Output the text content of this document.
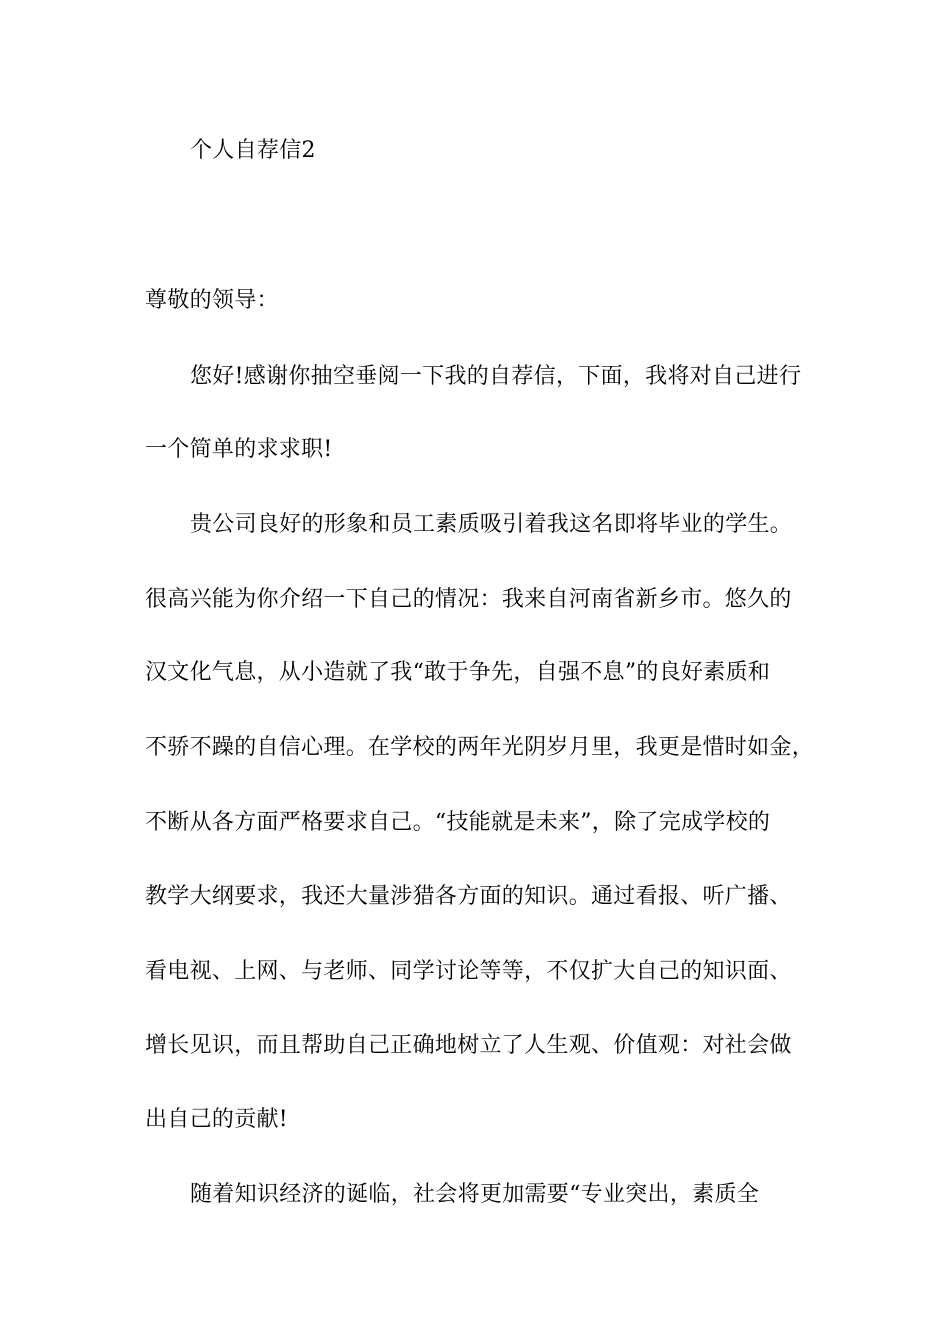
个人自荐信2
尊敬的领导：
您好!感谢你抽空垂阅一下我的自荐信，下面，我将对自己进行
一个简单的求求职!
贵公司良好的形象和员工素质吸引着我这名即将毕业的学生。
很高兴能为你介绍一下自己的情况：我来自河南省新乡市。悠久的
汉文化气息，从小造就了我“敢于争先，自强不息”的良好素质和
不骄不躁的自信心理。在学校的两年光阴岁月里，我更是惜时如金，
不断从各方面严格要求自己。“技能就是未来”，除了完成学校的
教学大纲要求，我还大量涉猎各方面的知识。通过看报、听广播、
看电视、上网、与老师、同学讨论等等，不仅扩大自己的知识面、
增长见识，而且帮助自己正确地树立了人生观、价值观：对社会做
出自己的贡献!
随着知识经济的诞临，社会将更加需要“专业突出，素质全
